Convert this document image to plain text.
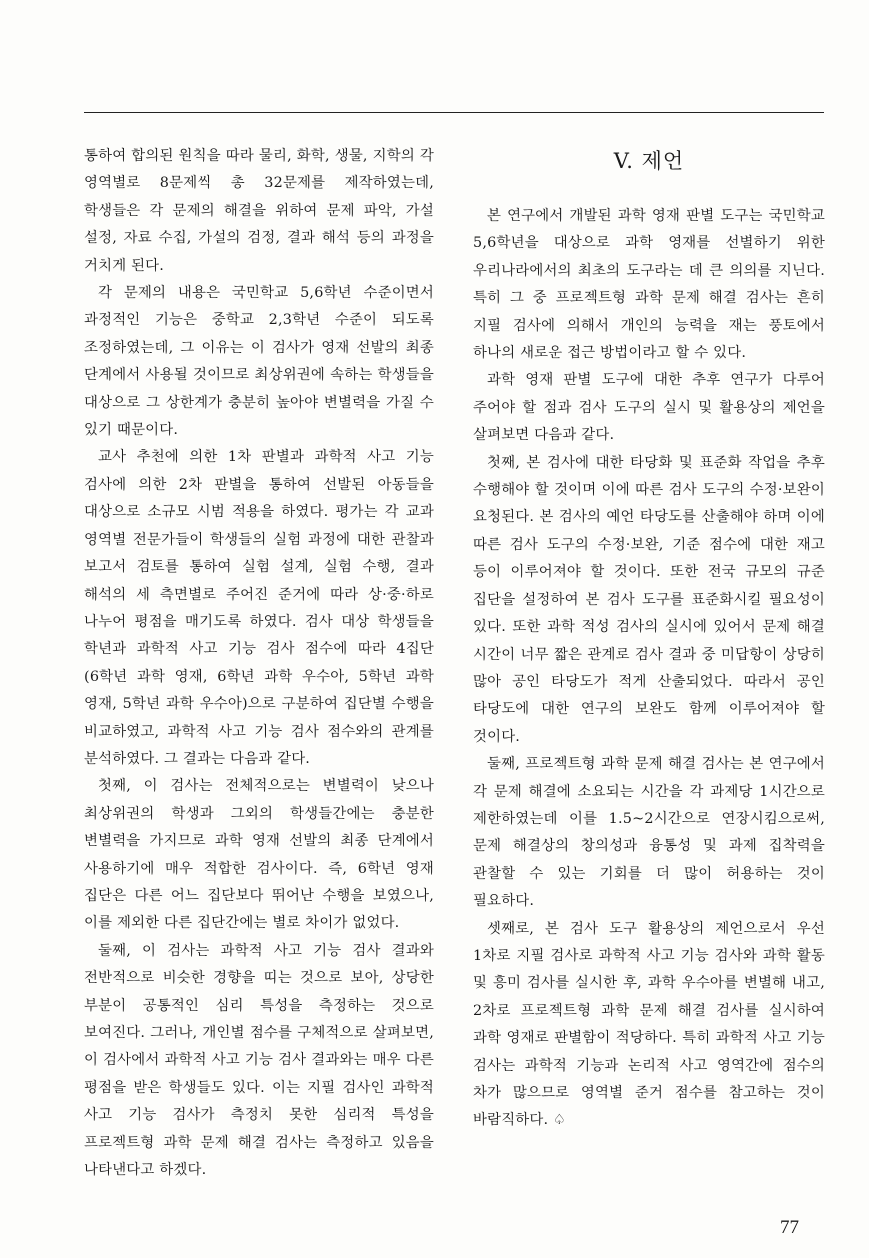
통하여 합의된 원칙을 따라 물리, 화학, 생물, 지학의 각 영역별로 8문제씩 총 32문제를 제작하였는데, 학생들은 각 문제의 해결을 위하여 문제 파악, 가설 설정, 자료 수집, 가설의 검정, 결과 해석 등의 과정을 거치게 된다.

각 문제의 내용은 국민학교 5,6학년 수준이면서 과정적인 기능은 중학교 2,3학년 수준이 되도록 조정하였는데, 그 이유는 이 검사가 영재 선발의 최종 단계에서 사용될 것이므로 최상위권에 속하는 학생들을 대상으로 그 상한계가 충분히 높아야 변별력을 가질 수 있기 때문이다.

교사 추천에 의한 1차 판별과 과학적 사고 기능 검사에 의한 2차 판별을 통하여 선발된 아동들을 대상으로 소규모 시범 적용을 하였다. 평가는 각 교과 영역별 전문가들이 학생들의 실험 과정에 대한 관찰과 보고서 검토를 통하여 실험 설계, 실험 수행, 결과 해석의 세 측면별로 주어진 준거에 따라 상·중·하로 나누어 평점을 매기도록 하였다. 검사 대상 학생들을 학년과 과학적 사고 기능 검사 점수에 따라 4집단(6학년 과학 영재, 6학년 과학 우수아, 5학년 과학 영재, 5학년 과학 우수아)으로 구분하여 집단별 수행을 비교하였고, 과학적 사고 기능 검사 점수와의 관계를 분석하였다. 그 결과는 다음과 같다.

첫째, 이 검사는 전체적으로는 변별력이 낮으나 최상위권의 학생과 그외의 학생들간에는 충분한 변별력을 가지므로 과학 영재 선발의 최종 단계에서 사용하기에 매우 적합한 검사이다. 즉, 6학년 영재 집단은 다른 어느 집단보다 뛰어난 수행을 보였으나, 이를 제외한 다른 집단간에는 별로 차이가 없었다.

둘째, 이 검사는 과학적 사고 기능 검사 결과와 전반적으로 비슷한 경향을 띠는 것으로 보아, 상당한 부분이 공통적인 심리 특성을 측정하는 것으로 보여진다. 그러나, 개인별 점수를 구체적으로 살펴보면, 이 검사에서 과학적 사고 기능 검사 결과와는 매우 다른 평점을 받은 학생들도 있다. 이는 지필 검사인 과학적 사고 기능 검사가 측정치 못한 심리적 특성을 프로젝트형 과학 문제 해결 검사는 측정하고 있음을 나타낸다고 하겠다.

V. 제언

본 연구에서 개발된 과학 영재 판별 도구는 국민학교 5,6학년을 대상으로 과학 영재를 선별하기 위한 우리나라에서의 최초의 도구라는 데 큰 의의를 지닌다. 특히 그 중 프로젝트형 과학 문제 해결 검사는 흔히 지필 검사에 의해서 개인의 능력을 재는 풍토에서 하나의 새로운 접근 방법이라고 할 수 있다.

과학 영재 판별 도구에 대한 추후 연구가 다루어 주어야 할 점과 검사 도구의 실시 및 활용상의 제언을 살펴보면 다음과 같다.

첫째, 본 검사에 대한 타당화 및 표준화 작업을 추후 수행해야 할 것이며 이에 따른 검사 도구의 수정·보완이 요청된다. 본 검사의 예언 타당도를 산출해야 하며 이에 따른 검사 도구의 수정·보완, 기준 점수에 대한 재고 등이 이루어져야 할 것이다. 또한 전국 규모의 규준 집단을 설정하여 본 검사 도구를 표준화시킬 필요성이 있다. 또한 과학 적성 검사의 실시에 있어서 문제 해결 시간이 너무 짧은 관계로 검사 결과 중 미답항이 상당히 많아 공인 타당도가 적게 산출되었다. 따라서 공인 타당도에 대한 연구의 보완도 함께 이루어져야 할 것이다.

둘째, 프로젝트형 과학 문제 해결 검사는 본 연구에서 각 문제 해결에 소요되는 시간을 각 과제당 1시간으로 제한하였는데 이를 1.5~2시간으로 연장시킴으로써, 문제 해결상의 창의성과 융통성 및 과제 집착력을 관찰할 수 있는 기회를 더 많이 허용하는 것이 필요하다.

셋째로, 본 검사 도구 활용상의 제언으로서 우선 1차로 지필 검사로 과학적 사고 기능 검사와 과학 활동 및 흥미 검사를 실시한 후, 과학 우수아를 변별해 내고, 2차로 프로젝트형 과학 문제 해결 검사를 실시하여 과학 영재로 판별함이 적당하다. 특히 과학적 사고 기능 검사는 과학적 기능과 논리적 사고 영역간에 점수의 차가 많으므로 영역별 준거 점수를 참고하는 것이 바람직하다. ♤

77
